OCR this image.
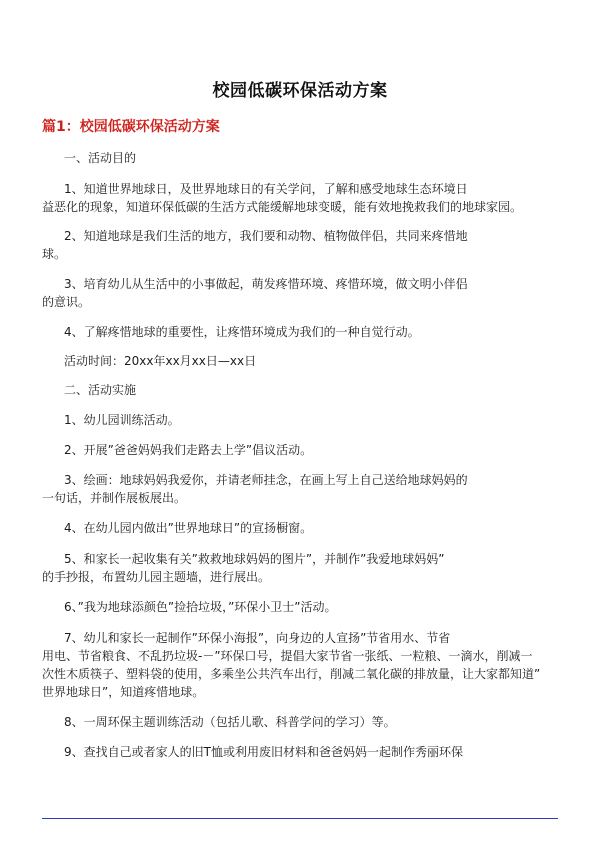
校园低碳环保活动方案
篇1：校园低碳环保活动方案
一、活动目的
1、知道世界地球日，及世界地球日的有关学问，了解和感受地球生态环境日
益恶化的现象，知道环保低碳的生活方式能缓解地球变暖，能有效地挽救我们的地球家园。
2、知道地球是我们生活的地方，我们要和动物、植物做伴侣，共同来疼惜地
球。
3、培育幼儿从生活中的小事做起，萌发疼惜环境、疼惜环境，做文明小伴侣
的意识。
4、了解疼惜地球的重要性，让疼惜环境成为我们的一种自觉行动。
活动时间：20xx年xx月xx日—xx日
二、活动实施
1、幼儿园训练活动。
2、开展”爸爸妈妈我们走路去上学”倡议活动。
3、绘画：地球妈妈我爱你，并请老师挂念，在画上写上自己送给地球妈妈的
一句话，并制作展板展出。
4、在幼儿园内做出”世界地球日”的宣扬橱窗。
5、和家长一起收集有关”救救地球妈妈的图片”，并制作”我爱地球妈妈”
的手抄报，布置幼儿园主题墙，进行展出。
6、”我为地球添颜色”捡拾垃圾，”环保小卫士”活动。
7、幼儿和家长一起制作”环保小海报”，向身边的人宣扬”节省用水、节省
用电、节省粮食、不乱扔垃圾-－”环保口号，提倡大家节省一张纸、一粒粮、一滴水，削减一
次性木质筷子、塑料袋的使用，多乘坐公共汽车出行，削减二氧化碳的排放量，让大家都知道”
世界地球日”，知道疼惜地球。
8、一周环保主题训练活动（包括儿歌、科普学问的学习）等。
9、查找自己或者家人的旧T恤或利用废旧材料和爸爸妈妈一起制作秀丽环保
